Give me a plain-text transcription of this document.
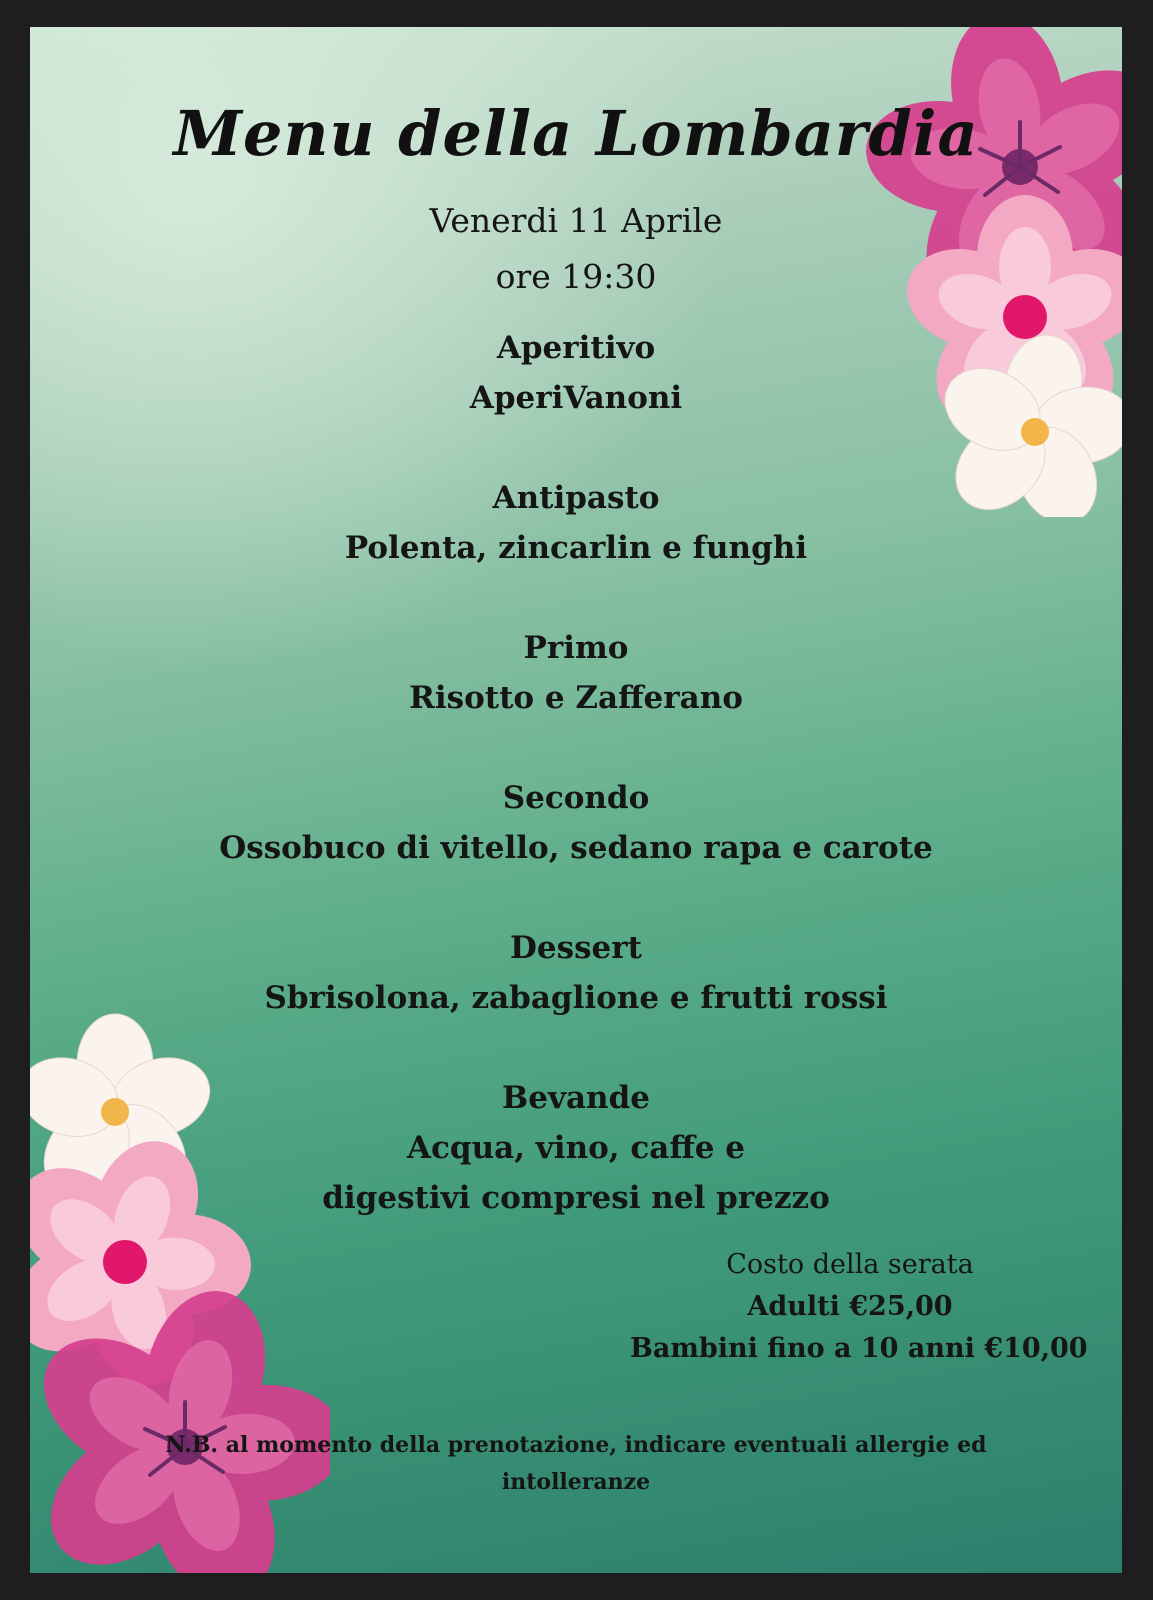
Menu della Lombardia
Venerdi 11 Aprile
ore 19:30
Aperitivo
AperiVanoni
Antipasto
Polenta, zincarlin e funghi
Primo
Risotto e Zafferano
Secondo
Ossobuco di vitello, sedano rapa e carote
Dessert
Sbrisolona, zabaglione e frutti rossi
Bevande
Acqua, vino, caffe e
digestivi compresi nel prezzo
Costo della serata
Adulti €25,00
Bambini fino a 10 anni €10,00
N.B. al momento della prenotazione, indicare eventuali allergie ed
intolleranze
